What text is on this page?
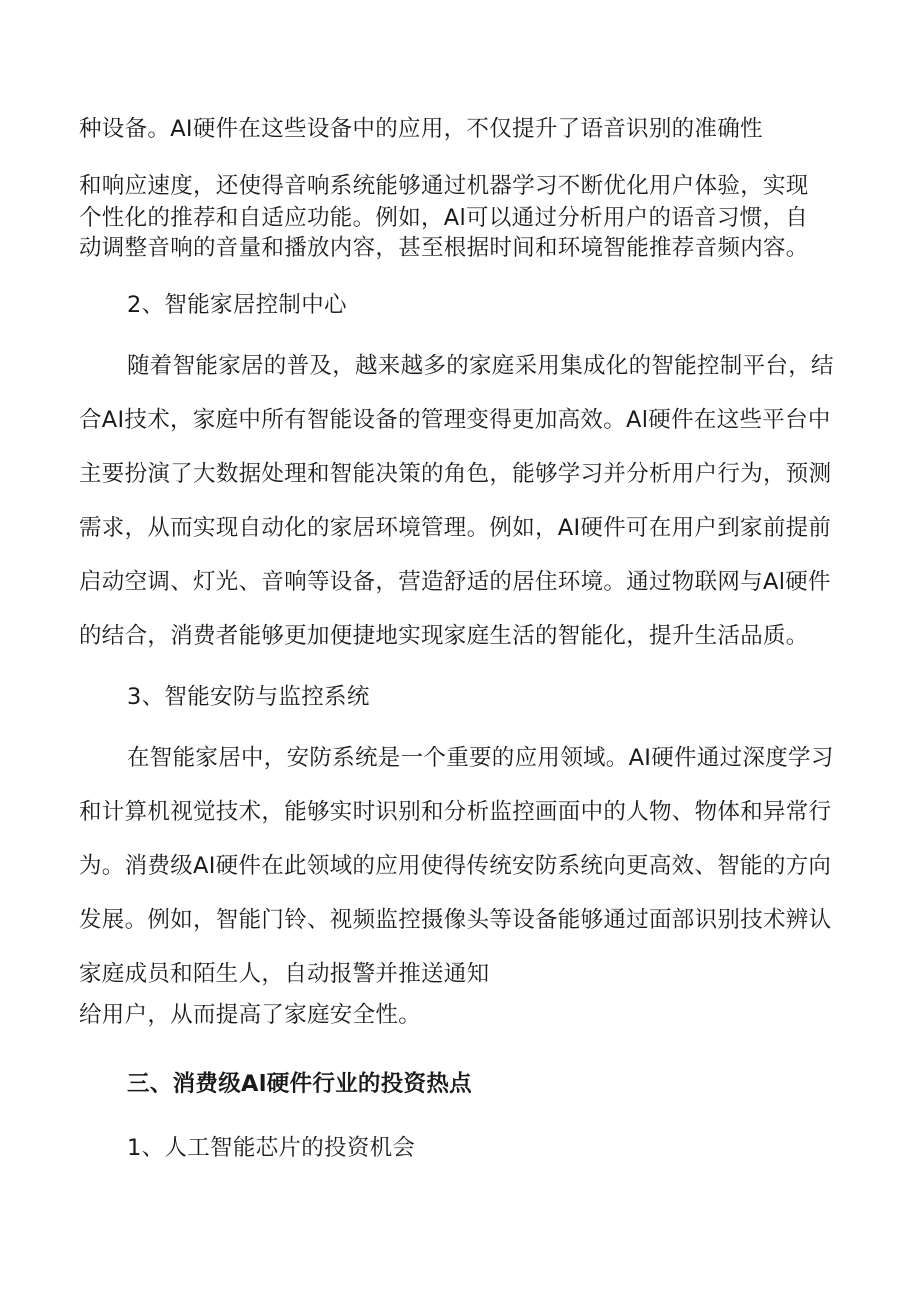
种设备。AI硬件在这些设备中的应用，不仅提升了语音识别的准确性
和响应速度，还使得音响系统能够通过机器学习不断优化用户体验，实现
个性化的推荐和自适应功能。例如，Al可以通过分析用户的语音习惯，自
动调整音响的音量和播放内容，甚至根据时间和环境智能推荐音频内容。
2、智能家居控制中心
随着智能家居的普及，越来越多的家庭采用集成化的智能控制平台，结
合AI技术，家庭中所有智能设备的管理变得更加高效。Al硬件在这些平台中
主要扮演了大数据处理和智能决策的角色，能够学习并分析用户行为，预测
需求，从而实现自动化的家居环境管理。例如，AI硬件可在用户到家前提前
启动空调、灯光、音响等设备，营造舒适的居住环境。通过物联网与Al硬件
的结合，消费者能够更加便捷地实现家庭生活的智能化，提升生活品质。
3、智能安防与监控系统
在智能家居中，安防系统是一个重要的应用领域。AI硬件通过深度学习
和计算机视觉技术，能够实时识别和分析监控画面中的人物、物体和异常行
为。消费级AI硬件在此领域的应用使得传统安防系统向更高效、智能的方向
发展。例如，智能门铃、视频监控摄像头等设备能够通过面部识别技术辨认
家庭成员和陌生人，自动报警并推送通知
给用户，从而提高了家庭安全性。
三、消费级Al硬件行业的投资热点
1、人工智能芯片的投资机会
